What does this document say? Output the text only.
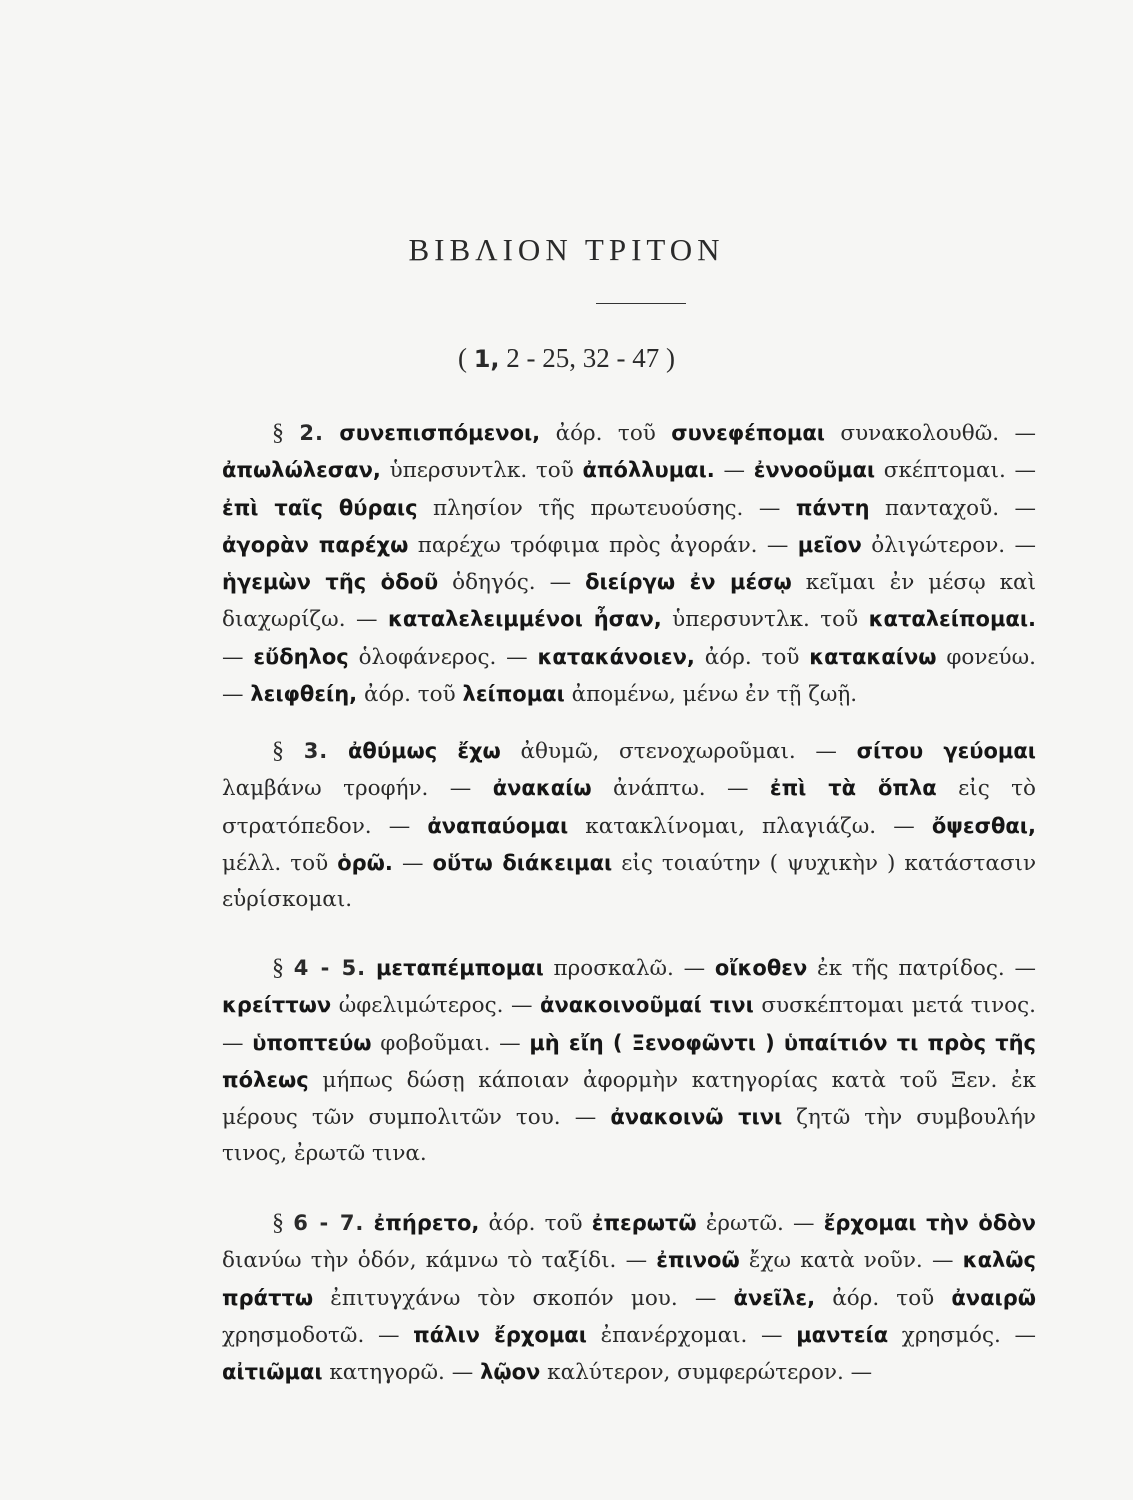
ΒΙΒΛΙΟΝ ΤΡΙΤΟΝ
( 1, 2 - 25, 32 - 47 )

§ 2. συνεπισπόμενοι, ἀόρ. τοῦ συνεφέπομαι συνακολουθῶ. — ἀπωλώλεσαν, ὑπερσυντλκ. τοῦ ἀπόλλυμαι. — ἐννοοῦμαι σκέπτομαι. — ἐπὶ ταῖς θύραις πλησίον τῆς πρωτευούσης. — πάντη πανταχοῦ. — ἀγορὰν παρέχω παρέχω τρόφιμα πρὸς ἀγοράν. — μεῖον ὀλιγώτερον. — ἡγεμὼν τῆς ὁδοῦ ὁδηγός. — διείργω ἐν μέσῳ κεῖμαι ἐν μέσῳ καὶ διαχωρίζω. — καταλελειμμένοι ἦσαν, ὑπερσυντλκ. τοῦ καταλείπομαι. — εὔδηλος ὁλοφάνερος. — κατακάνοιεν, ἀόρ. τοῦ κατακαίνω φονεύω. — λειφθείη, ἀόρ. τοῦ λείπομαι ἀπομένω, μένω ἐν τῇ ζωῇ.

§ 3. ἀθύμως ἔχω ἀθυμῶ, στενοχωροῦμαι. — σίτου γεύομαι λαμβάνω τροφήν. — ἀνακαίω ἀνάπτω. — ἐπὶ τὰ ὅπλα εἰς τὸ στρατόπεδον. — ἀναπαύομαι κατακλίνομαι, πλαγιάζω. — ὄψεσθαι, μέλλ. τοῦ ὁρῶ. — οὕτω διάκειμαι εἰς τοιαύτην ( ψυχικὴν ) κατάστασιν εὑρίσκομαι.

§ 4 - 5. μεταπέμπομαι προσκαλῶ. — οἴκοθεν ἐκ τῆς πατρίδος. — κρείττων ὠφελιμώτερος. — ἀνακοινοῦμαί τινι συσκέπτομαι μετά τινος. — ὑποπτεύω φοβοῦμαι. — μὴ εἴη ( Ξενοφῶντι ) ὑπαίτιόν τι πρὸς τῆς πόλεως μήπως δώσῃ κάποιαν ἀφορμὴν κατηγορίας κατὰ τοῦ Ξεν. ἐκ μέρους τῶν συμπολιτῶν του. — ἀνακοινῶ τινι ζητῶ τὴν συμβουλήν τινος, ἐρωτῶ τινα.

§ 6 - 7. ἐπήρετο, ἀόρ. τοῦ ἐπερωτῶ ἐρωτῶ. — ἔρχομαι τὴν ὁδὸν διανύω τὴν ὁδόν, κάμνω τὸ ταξίδι. — ἐπινοῶ ἔχω κατὰ νοῦν. — καλῶς πράττω ἐπιτυγχάνω τὸν σκοπόν μου. — ἀνεῖλε, ἀόρ. τοῦ ἀναιρῶ χρησμοδοτῶ. — πάλιν ἔρχομαι ἐπανέρχομαι. — μαντεία χρησμός. — αἰτιῶμαι κατηγορῶ. — λῷον καλύτερον, συμφερώτερον. —
